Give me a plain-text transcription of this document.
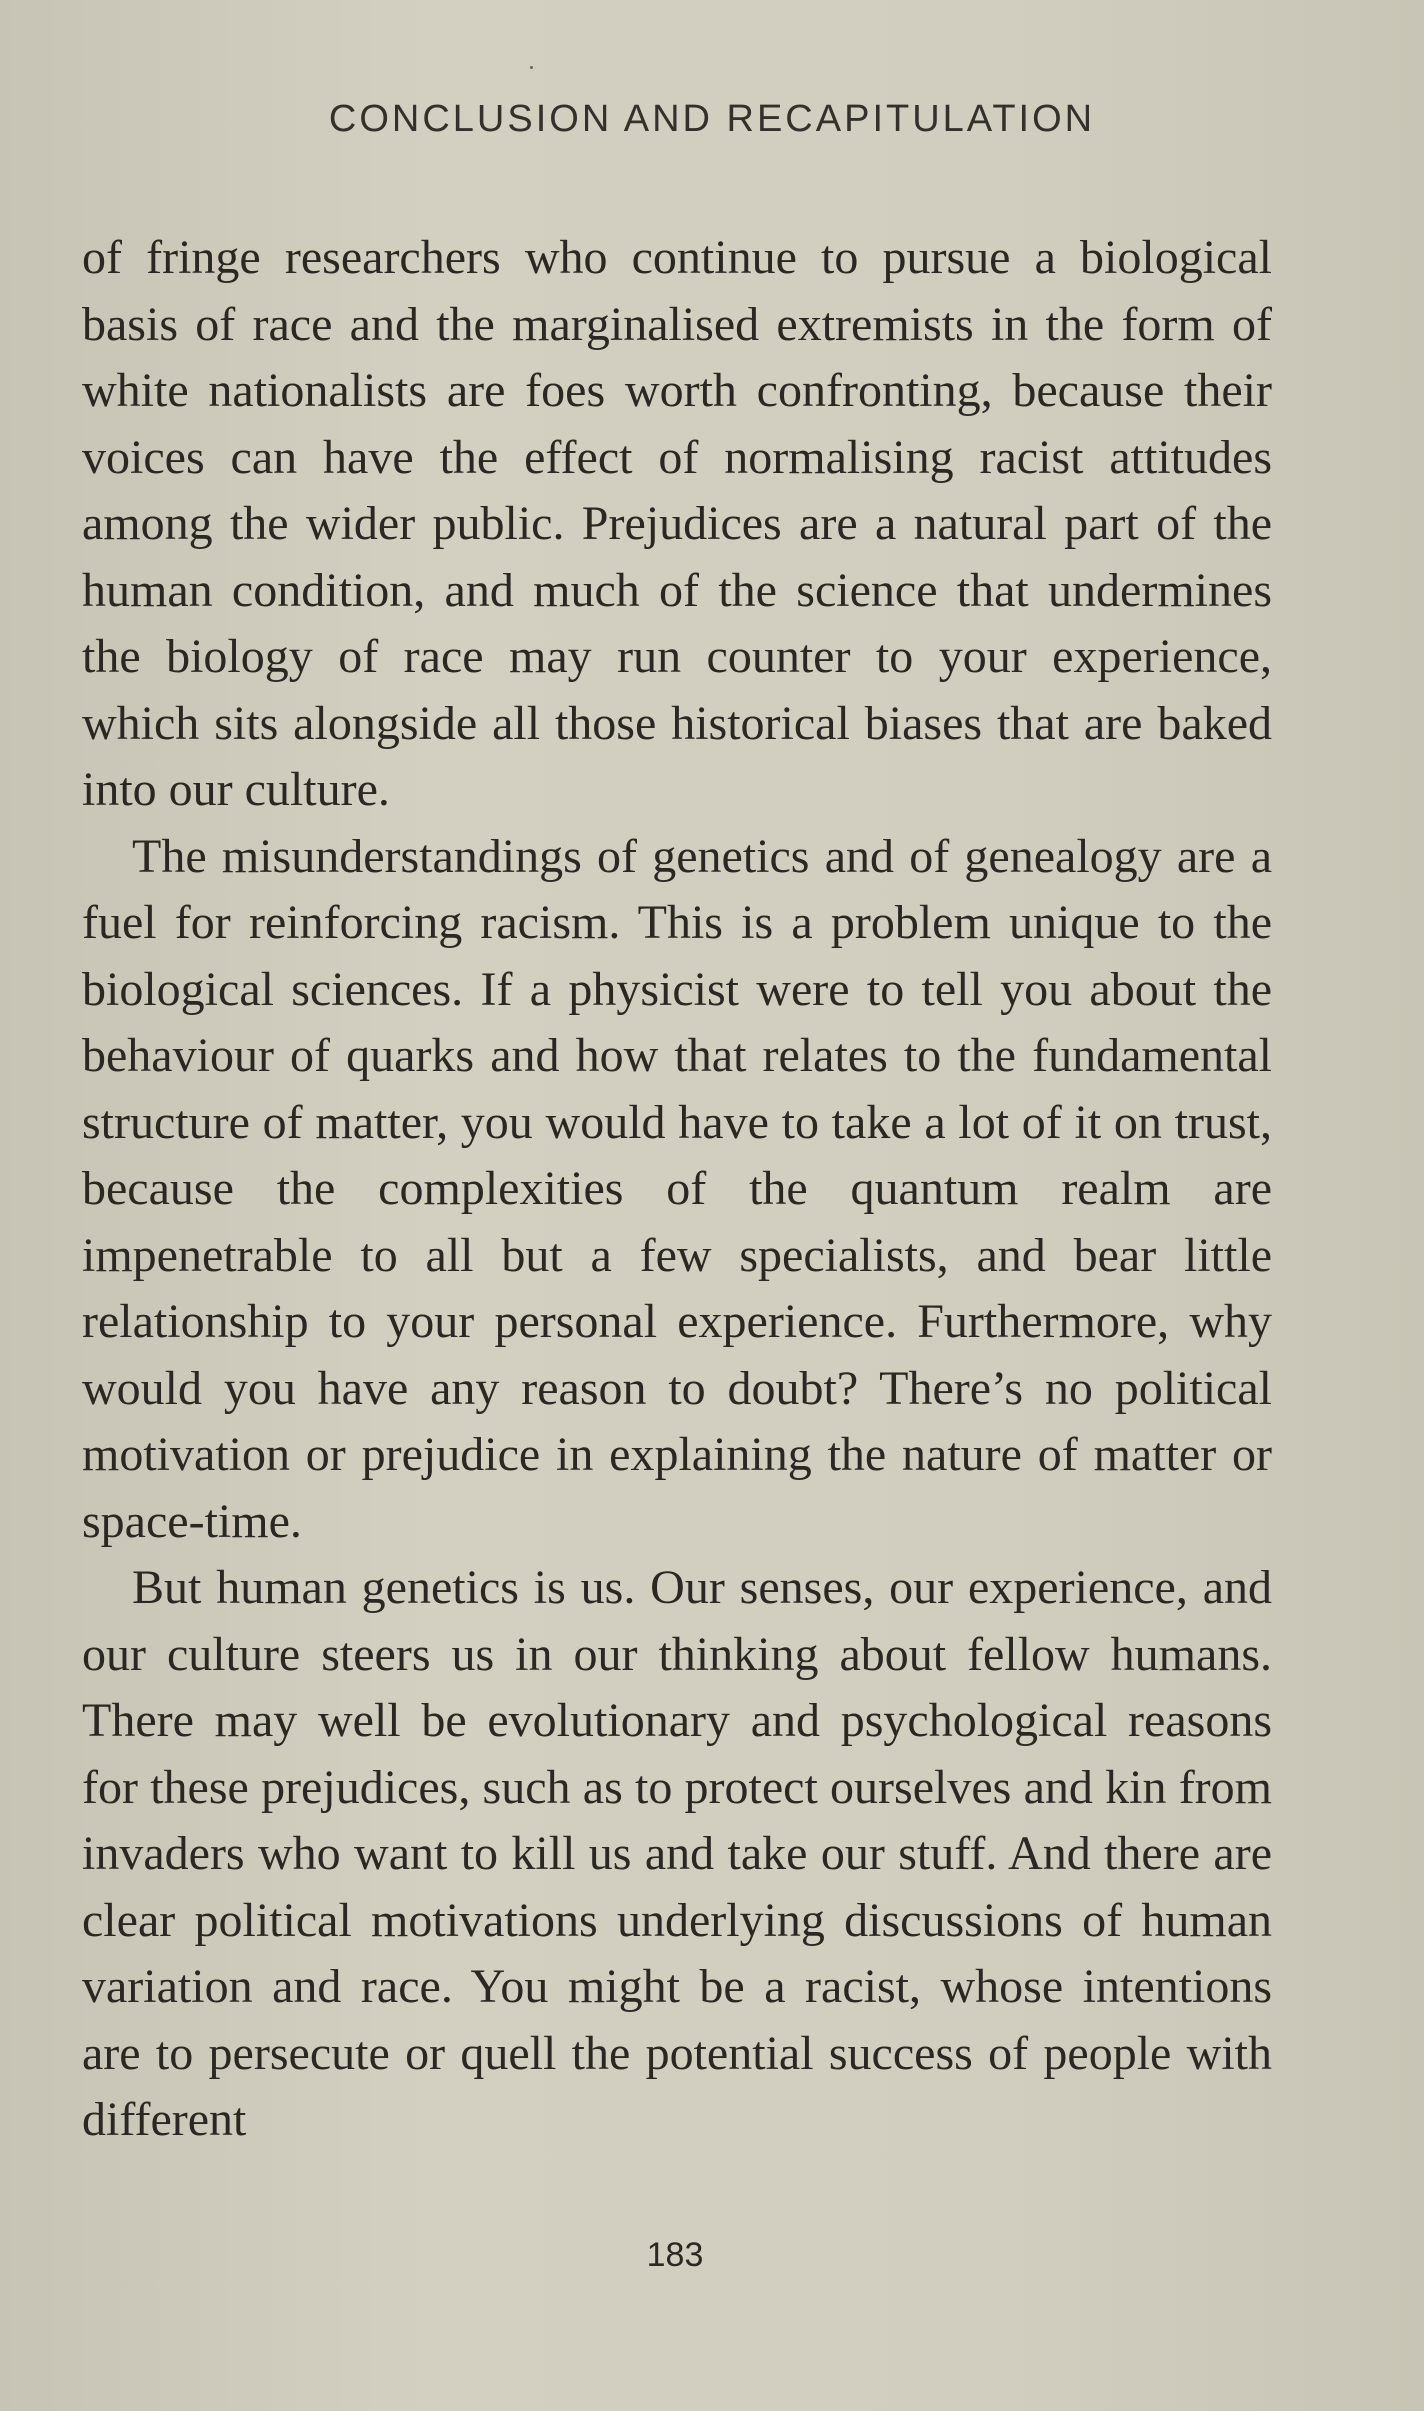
CONCLUSION AND RECAPITULATION

of fringe researchers who continue to pursue a biological basis of race and the marginalised extremists in the form of white nationalists are foes worth confronting, because their voices can have the effect of normalising racist attitudes among the wider public. Prejudices are a natural part of the human condition, and much of the science that undermines the biology of race may run counter to your experience, which sits alongside all those historical biases that are baked into our culture.

The misunderstandings of genetics and of genealogy are a fuel for reinforcing racism. This is a problem unique to the biological sciences. If a physicist were to tell you about the behaviour of quarks and how that relates to the fundamental structure of matter, you would have to take a lot of it on trust, because the complexities of the quantum realm are impenetrable to all but a few specialists, and bear little relationship to your personal experience. Furthermore, why would you have any reason to doubt? There’s no political motivation or prejudice in explaining the nature of matter or space-time.

But human genetics is us. Our senses, our experience, and our culture steers us in our thinking about fellow humans. There may well be evolutionary and psychological reasons for these prejudices, such as to protect ourselves and kin from invaders who want to kill us and take our stuff. And there are clear political motivations underlying discussions of human variation and race. You might be a racist, whose intentions are to persecute or quell the potential success of people with different

183
